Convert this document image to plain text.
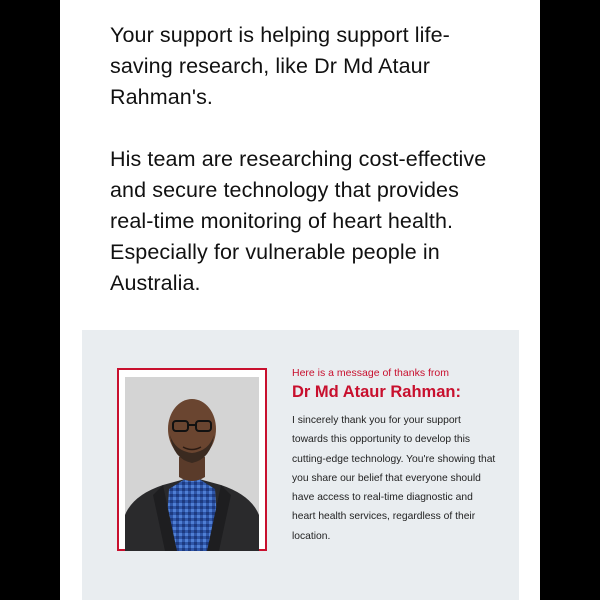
Your support is helping support life-saving research, like Dr Md Ataur Rahman's.

His team are researching cost-effective and secure technology that provides real-time monitoring of heart health. Especially for vulnerable people in Australia.

Here is a message of thanks from
Dr Md Ataur Rahman:
I sincerely thank you for your support towards this opportunity to develop this cutting-edge technology. You're showing that you share our belief that everyone should have access to real-time diagnostic and heart health services, regardless of their location.
